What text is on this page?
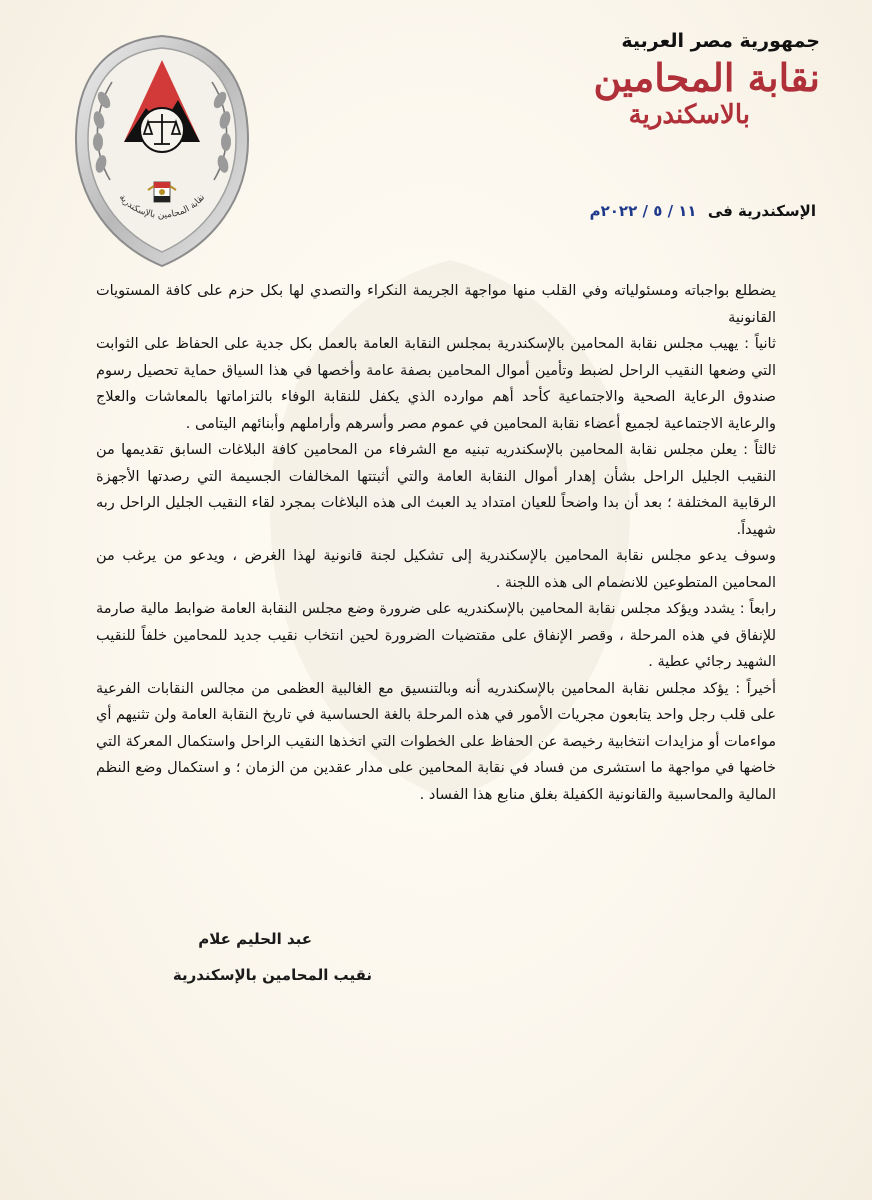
نقابة المحامين بالإسكندرية

جمهورية مصر العربية

نقابة المحامين

بالاسكندرية

الإسكندرية فى ١١ / ٥ / ٢٠٢٢م

يضطلع بواجباته ومسئولياته وفي القلب منها مواجهة الجريمة النكراء والتصدي لها بكل حزم على كافة المستويات القانونية

ثانياً : يهيب مجلس نقابة المحامين بالإسكندرية بمجلس النقابة العامة بالعمل بكل جدية على الحفاظ على الثوابت التي وضعها النقيب الراحل لضبط وتأمين أموال المحامين بصفة عامة وأخصها في هذا السياق حماية تحصيل رسوم صندوق الرعاية الصحية والاجتماعية كأحد أهم موارده الذي يكفل للنقابة الوفاء بالتزاماتها بالمعاشات والعلاج والرعاية الاجتماعية لجميع أعضاء نقابة المحامين في عموم مصر وأسرهم وأراملهم وأبنائهم اليتامى .

ثالثاً : يعلن مجلس نقابة المحامين بالإسكندريه تبنيه مع الشرفاء من المحامين كافة البلاغات السابق تقديمها من النقيب الجليل الراحل بشأن إهدار أموال النقابة العامة والتي أثبتتها المخالفات الجسيمة التي رصدتها الأجهزة الرقابية المختلفة ؛ بعد أن بدا واضحاً للعيان امتداد يد العبث الى هذه البلاغات بمجرد لقاء النقيب الجليل الراحل ربه شهيداً.

وسوف يدعو مجلس نقابة المحامين بالإسكندرية إلى تشكيل لجنة قانونية لهذا الغرض ، ويدعو من يرغب من المحامين المتطوعين للانضمام الى هذه اللجنة .

رابعاً : يشدد ويؤكد مجلس نقابة المحامين بالإسكندريه على ضرورة وضع مجلس النقابة العامة ضوابط مالية صارمة للإنفاق في هذه المرحلة ، وقصر الإنفاق على مقتضيات الضرورة لحين انتخاب نقيب جديد للمحامين خلفاً للنقيب الشهيد رجائي عطية .

أخيراً : يؤكد مجلس نقابة المحامين بالإسكندريه أنه وبالتنسيق مع الغالبية العظمى من مجالس النقابات الفرعية على قلب رجل واحد يتابعون مجريات الأمور في هذه المرحلة بالغة الحساسية في تاريخ النقابة العامة ولن تثنيهم أي مواءمات أو مزايدات انتخابية رخيصة عن الحفاظ على الخطوات التي اتخذها النقيب الراحل واستكمال المعركة التي خاضها في مواجهة ما استشرى من فساد في نقابة المحامين على مدار عقدين من الزمان ؛ و استكمال وضع النظم المالية والمحاسبية والقانونية الكفيلة بغلق منابع هذا الفساد .

عبد الحليم علام
نقيب المحامين بالإسكندرية
